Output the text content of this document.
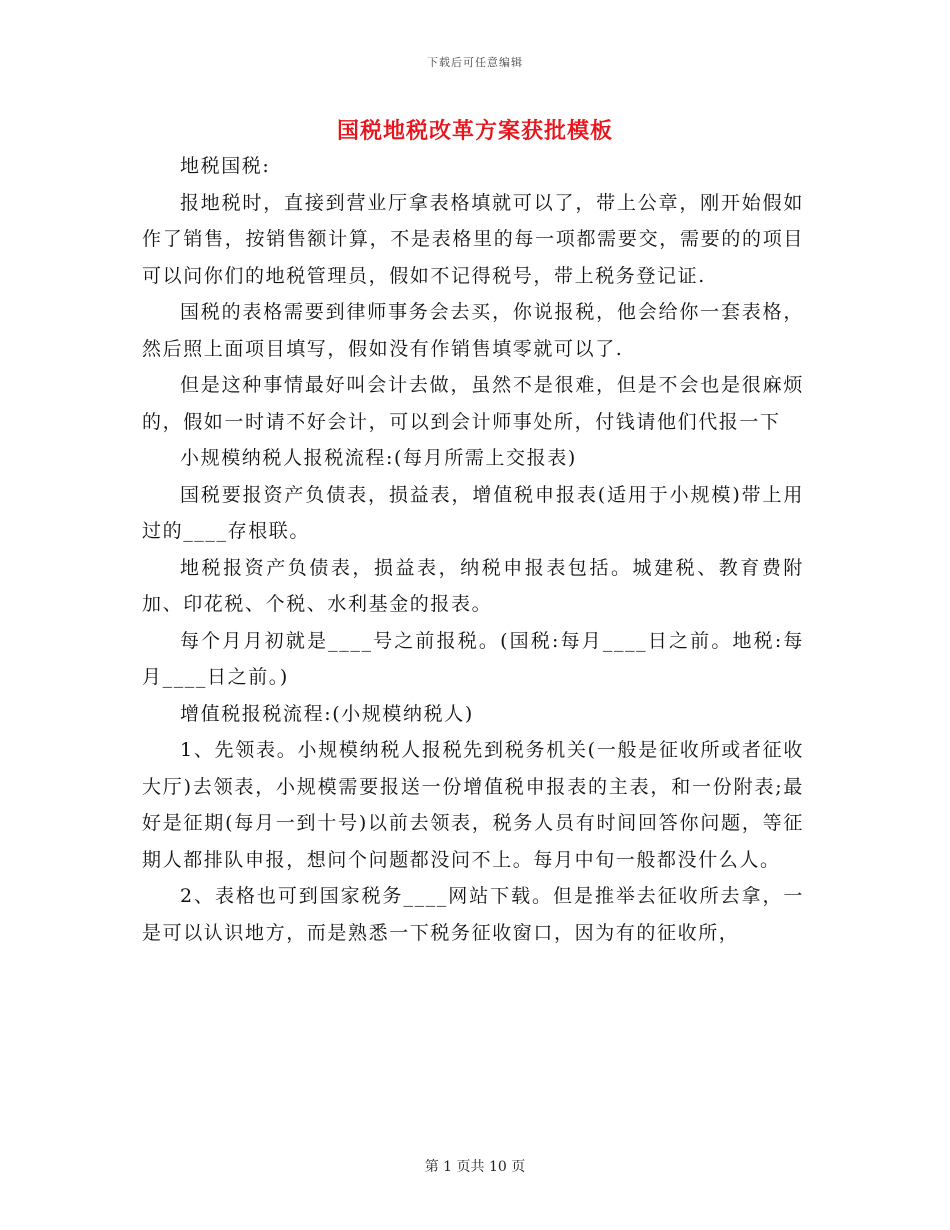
下载后可任意编辑
国税地税改革方案获批模板

地税国税:

报地税时，直接到营业厅拿表格填就可以了，带上公章，刚开始假如作了销售，按销售额计算，不是表格里的每一项都需要交，需要的的项目可以问你们的地税管理员，假如不记得税号，带上税务登记证.

国税的表格需要到律师事务会去买，你说报税，他会给你一套表格，然后照上面项目填写，假如没有作销售填零就可以了.

但是这种事情最好叫会计去做，虽然不是很难，但是不会也是很麻烦的，假如一时请不好会计，可以到会计师事处所，付钱请他们代报一下

小规模纳税人报税流程:(每月所需上交报表)

国税要报资产负债表，损益表，增值税申报表(适用于小规模)带上用过的____存根联。

地税报资产负债表，损益表，纳税申报表包括。城建税、教育费附加、印花税、个税、水利基金的报表。

每个月月初就是____号之前报税。(国税:每月____日之前。地税:每月____日之前。)

增值税报税流程:(小规模纳税人)

1、先领表。小规模纳税人报税先到税务机关(一般是征收所或者征收大厅)去领表，小规模需要报送一份增值税申报表的主表，和一份附表;最好是征期(每月一到十号)以前去领表，税务人员有时间回答你问题，等征期人都排队申报，想问个问题都没问不上。每月中旬一般都没什么人。

2、表格也可到国家税务____网站下载。但是推举去征收所去拿，一是可以认识地方，而是熟悉一下税务征收窗口，因为有的征收所，

第 1 页共 10 页
